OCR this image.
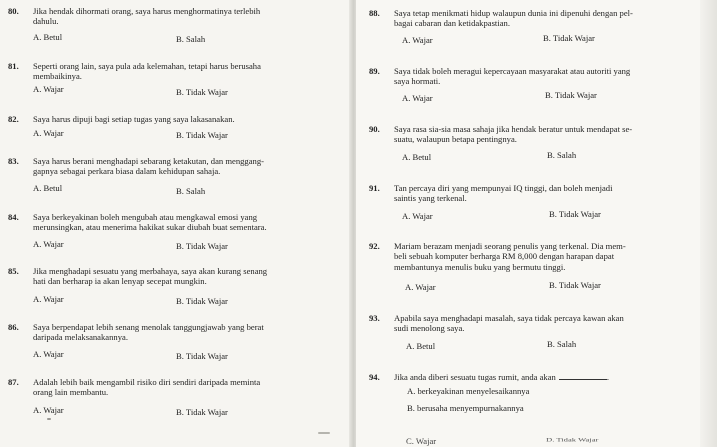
80. Jika hendak dihormati orang, saya harus menghormatinya terlebih
dahulu.
A. Betul	B. Salah
81. Seperti orang lain, saya pula ada kelemahan, tetapi harus berusaha
membaikinya.
A. Wajar	B. Tidak Wajar
82. Saya harus dipuji bagi setiap tugas yang saya lakasanakan.
A. Wajar	B. Tidak Wajar
83. Saya harus berani menghadapi sebarang ketakutan, dan menggang-
gapnya sebagai perkara biasa dalam kehidupan sahaja.
A. Betul	B. Salah
84. Saya berkeyakinan boleh mengubah atau mengkawal emosi yang
merunsingkan, atau menerima hakikat sukar diubah buat sementara.
A. Wajar	B. Tidak Wajar
85. Jika menghadapi sesuatu yang merbahaya, saya akan kurang senang
hati dan berharap ia akan lenyap secepat mungkin.
A. Wajar	B. Tidak Wajar
86. Saya berpendapat lebih senang menolak tanggungjawab yang berat
daripada melaksanakannya.
A. Wajar	B. Tidak Wajar
87. Adalah lebih baik mengambil risiko diri sendiri daripada meminta
orang lain membantu.
A. Wajar	B. Tidak Wajar
88. Saya tetap menikmati hidup walaupun dunia ini dipenuhi dengan pel-
bagai cabaran dan ketidakpastian.
A. Wajar	B. Tidak Wajar
89. Saya tidak boleh meragui kepercayaan masyarakat atau autoriti yang
saya hormati.
A. Wajar	B. Tidak Wajar
90. Saya rasa sia-sia masa sahaja jika hendak beratur untuk mendapat se-
suatu, walaupun betapa pentingnya.
A. Betul	B. Salah
91. Tan percaya diri yang mempunyai IQ tinggi, dan boleh menjadi
saintis yang terkenal.
A. Wajar	B. Tidak Wajar
92. Mariam berazam menjadi seorang penulis yang terkenal. Dia mem-
beli sebuah komputer berharga RM 8,000 dengan harapan dapat
membantunya menulis buku yang bermutu tinggi.
A. Wajar	B. Tidak Wajar
93. Apabila saya menghadapi masalah, saya tidak percaya kawan akan
sudi menolong saya.
A. Betul	B. Salah
94. Jika anda diberi sesuatu tugas rumit, anda akan	.
A. berkeyakinan menyelesaikannya
B. berusaha menyempurnakannya
C. Wajar	D. Tidak Wajar
